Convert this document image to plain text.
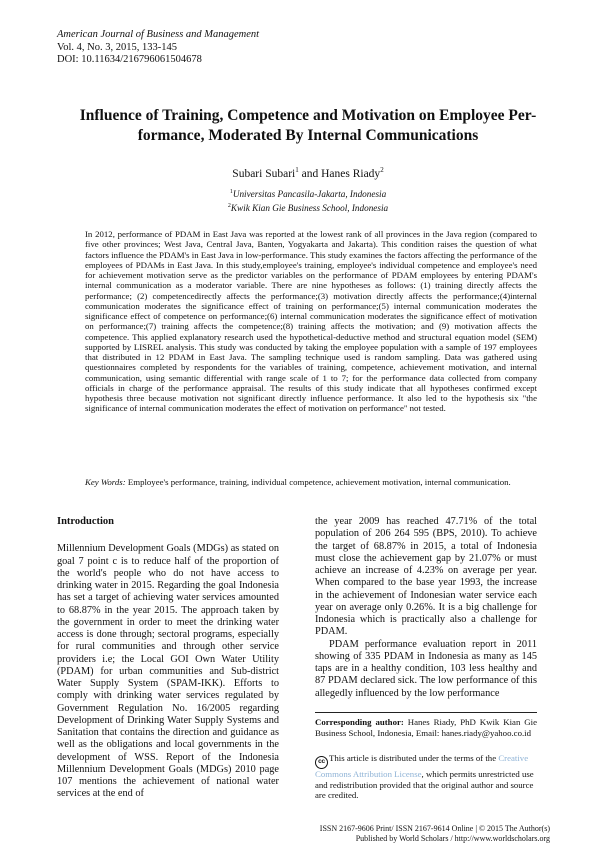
American Journal of Business and Management
Vol. 4, No. 3, 2015, 133-145
DOI: 10.11634/216796061504678
Influence of Training, Competence and Motivation on Employee Per-
formance, Moderated By Internal Communications
Subari Subari$^1$ and Hanes Riady$^2$
$^1$Universitas Pancasila-Jakarta, Indonesia
$^2$Kwik Kian Gie Business School, Indonesia
In 2012, performance of PDAM in East Java was reported at the lowest rank of all provinces in the Java region (compared to five other provinces; West Java, Central Java, Banten, Yogyakarta and Jakarta). This condition raises the question of what factors influence the PDAM's in East Java in low-performance. This study examines the factors affecting the performance of the employees of PDAMs in East Java. In this study,employee's training, employee's individual competence and employee's need for achievement motivation serve as the predictor variables on the performance of PDAM employees by entering PDAM's internal communication as a moderator variable. There are nine hypotheses as follows: (1) training directly affects the performance; (2) competencedirectly affects the performance;(3) motivation directly affects the performance;(4)internal communication moderates the significance effect of training on performance;(5) internal communication moderates the significance effect of competence on performance;(6) internal communication moderates the significance effect of motivation on performance;(7) training affects the competence;(8) training affects the motivation; and (9) motivation affects the competence. This applied explanatory research used the hypothetical-deductive method and structural equation model (SEM) supported by LISREL analysis. This study was conducted by taking the employee population with a sample of 197 employees that distributed in 12 PDAM in East Java. The sampling technique used is random sampling. Data was gathered using questionnaires completed by respondents for the variables of training, competence, achievement motivation, and internal communication, using semantic differential with range scale of 1 to 7; for the performance data collected from company officials in charge of the performance appraisal. The results of this study indicate that all hypotheses confirmed except hypothesis three because motivation not significant directly influence performance. It also led to the hypothesis six "the significance of internal communication moderates the effect of motivation on performance" not tested.
Key Words: Employee's performance, training, individual competence, achievement motivation, internal communication.
Introduction

Millennium Development Goals (MDGs) as stated on goal 7 point c is to reduce half of the proportion of the world's people who do not have access to drinking water in 2015. Regarding the goal Indonesia has set a target of achieving water services amounted to 68.87% in the year 2015. The approach taken by the government in order to meet the drinking water access is done through; sectoral programs, especially for rural communities and through other service providers i.e; the Local GOI Own Water Utility (PDAM) for urban communities and Sub-district Water Supply System (SPAM-IKK). Efforts to comply with drinking water services regulated by Government Regulation No. 16/2005 regarding Development of Drinking Water Supply Systems and Sanitation that contains the direction and guidance as well as the obligations and local governments in the development of WSS. Report of the Indonesia Millennium Development Goals (MDGs) 2010 page 107 mentions the achievement of national water services at the end of

the year 2009 has reached 47.71% of the total population of 206 264 595 (BPS, 2010). To achieve the target of 68.87% in 2015, a total of Indonesia must close the achievement gap by 21.07% or must achieve an increase of 4.23% on average per year. When compared to the base year 1993, the increase in the achievement of Indonesian water service each year on average only 0.26%. It is a big challenge for Indonesia which is practically also a challenge for PDAM.

PDAM performance evaluation report in 2011 showing of 335 PDAM in Indonesia as many as 145 taps are in a healthy condition, 103 less healthy and 87 PDAM declared sick. The low performance of this allegedly influenced by the low performance

Corresponding author: Hanes Riady, PhD Kwik Kian Gie Business School, Indonesia, Email: hanes.riady@yahoo.co.id
cc This article is distributed under the terms of the Creative Commons Attribution License, which permits unrestricted use and redistribution provided that the original author and source are credited.
ISSN 2167-9606 Print/ ISSN 2167-9614 Online | © 2015 The Author(s)
Published by World Scholars / http://www.worldscholars.org
